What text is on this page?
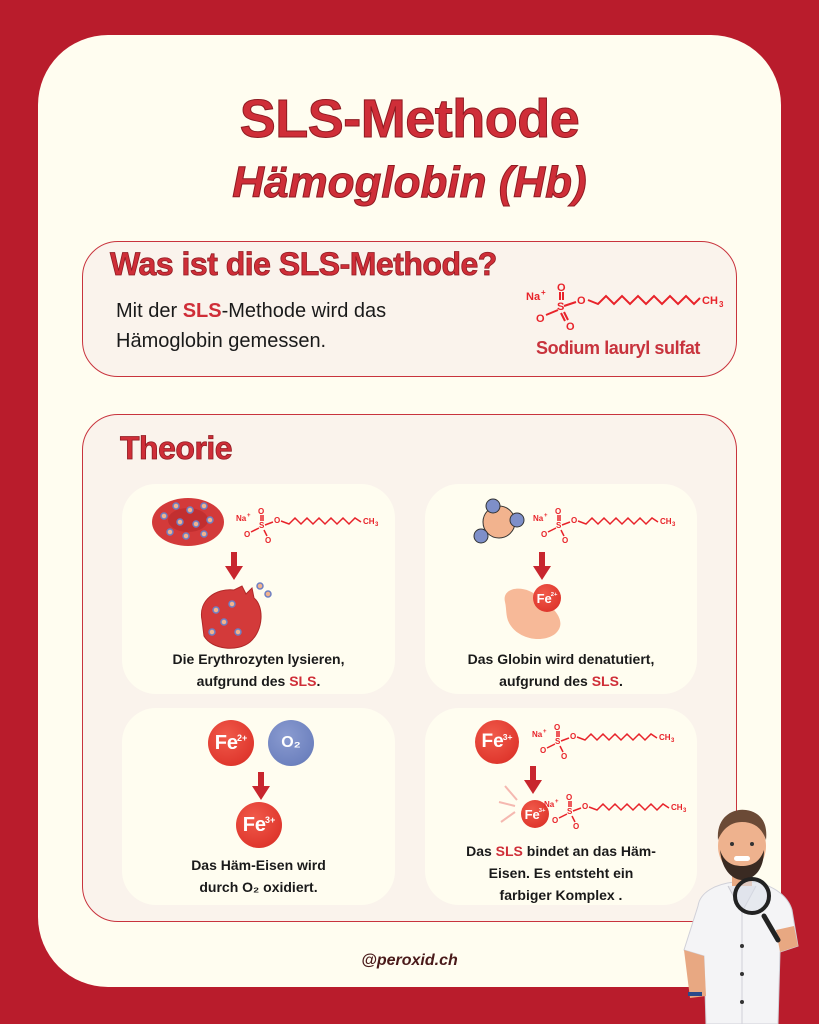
SLS-Methode
Hämoglobin (Hb)
Was ist die SLS-Methode?
Mit der SLS-Methode wird das Hämoglobin gemessen.
Na + O
S O
O
O
CH 3
Sodium lauryl sulfat
Theorie
Na + O
S
O
O
O
CH 3
Die Erythrozyten lysieren,
aufgrund des SLS.
Na + O
S
O
O
O
CH 3
$Fe^{2+}$
Das Globin wird denatutiert,
aufgrund des SLS.
$Fe^{2+}$ O₂
$Fe^{3+}$
Das Häm-Eisen wird
durch O₂ oxidiert.
$Fe^{3+}$ Na + O
S
O
O
O
CH 3
$Fe^{3+}$
Na + O
S
O
O
O
CH 3
Das SLS bindet an das Häm-
Eisen. Es entsteht ein
farbiger Komplex .
@peroxid.ch
